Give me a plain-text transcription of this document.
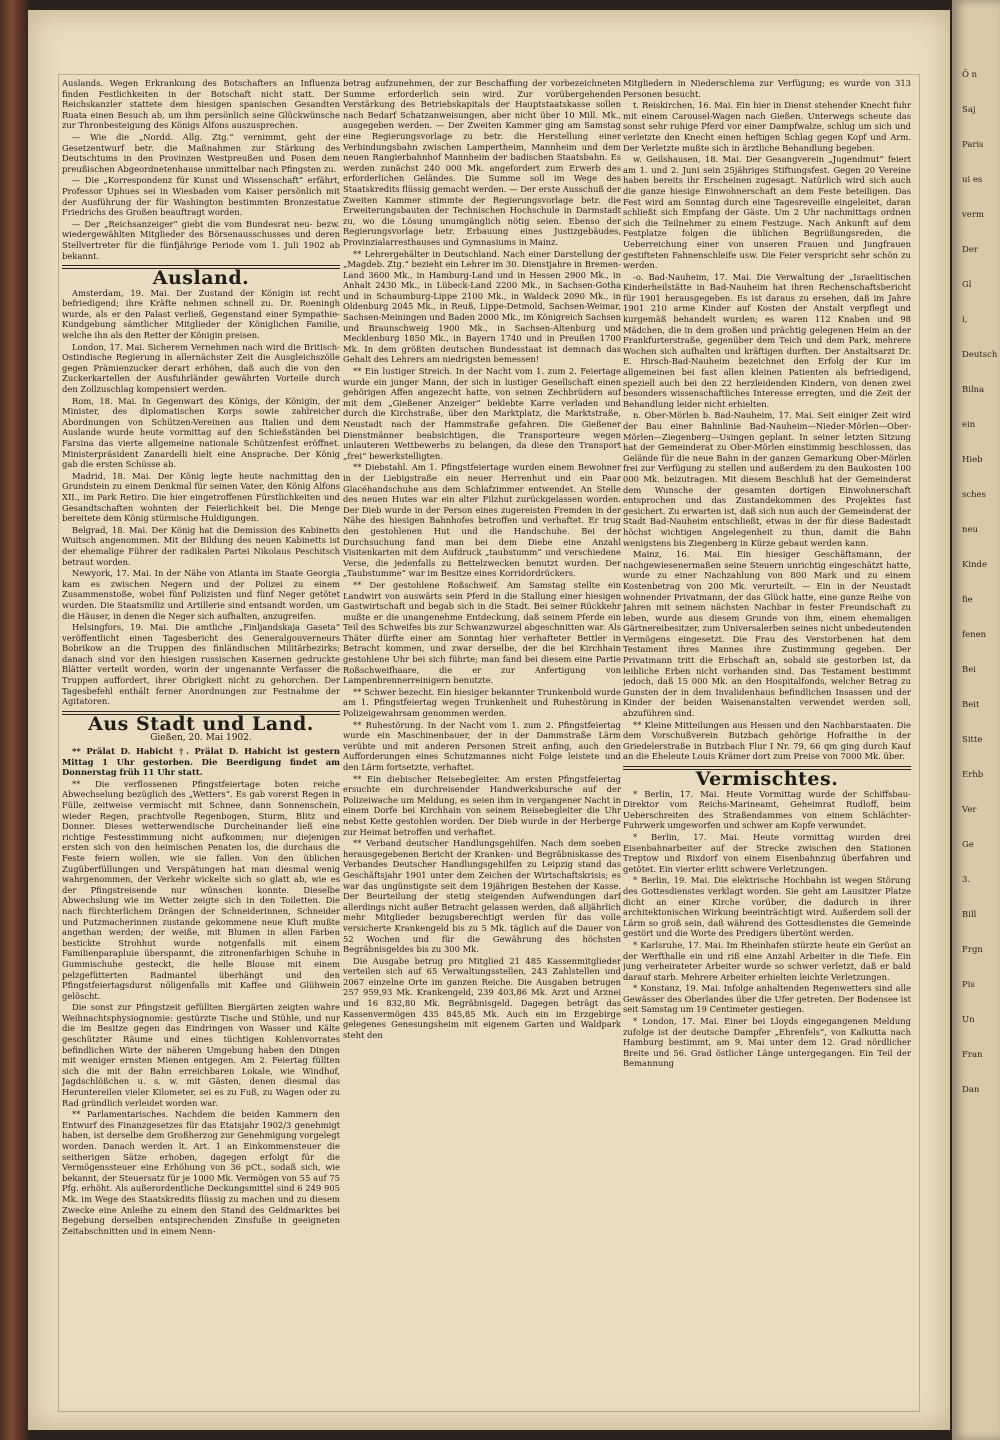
Auslands. Wegen Erkrankung des Botschafters an Influenza finden Festlichkeiten in der Botschaft nicht statt. Der Reichskanzler stattete dem hiesigen spanischen Gesandten Ruata einen Besuch ab, um ihm persönlich seine Glückwünsche zur Thronbesteigung des Königs Alfons auszusprechen.

— Wie die „Nordd. Allg. Ztg.“ vernimmt, geht der Gesetzentwurf betr. die Maßnahmen zur Stärkung des Deutschtums in den Provinzen Westpreußen und Posen dem preußischen Abgeordnetenhause unmittelbar nach Pfingsten zu.

— Die „Korrespondenz für Kunst und Wissenschaft“ erfährt, Professor Uphues sei in Wiesbaden vom Kaiser persönlich mit der Ausführung der für Washington bestimmten Bronzestatue Friedrichs des Großen beauftragt worden.

— Der „Reichsanzeiger“ giebt die vom Bundesrat neu- bezw. wiedergewählten Mitglieder des Börsenausschusses und deren Stellvertreter für die fünfjährige Periode vom 1. Juli 1902 ab bekannt.

Ausland.

Amsterdam, 19. Mai. Der Zustand der Königin ist recht befriedigend; ihre Kräfte nehmen schnell zu. Dr. Roeningh wurde, als er den Palast verließ, Gegenstand einer Sympathie-Kundgebung sämtlicher Mitglieder der Königlichen Familie, welche ihn als den Retter der Königin preisen.

London, 17. Mai. Sicherem Vernehmen nach wird die Britisch-Ostindische Regierung in allernächster Zeit die Ausgleichszölle gegen Prämienzucker derart erhöhen, daß auch die von den Zuckerkartellen der Ausfuhrländer gewährten Vorteile durch den Zollzuschlag kompensiert werden.

Rom, 18. Mai. In Gegenwart des Königs, der Königin, der Minister, des diplomatischen Korps sowie zahlreicher Abordnungen von Schützen-Vereinen aus Italien und dem Auslande wurde heute vormittag auf den Schießständen bei Farsina das vierte allgemeine nationale Schützenfest eröffnet. Ministerpräsident Zanardelli hielt eine Ansprache. Der König gab die ersten Schüsse ab.

Madrid, 18. Mai. Der König legte heute nachmittag den Grundstein zu einem Denkmal für seinen Vater, den König Alfons XII., im Park Retiro. Die hier eingetroffenen Fürstlichkeiten und Gesandtschaften wohnten der Feierlichkeit bei. Die Menge bereitete dem König stürmische Huldigungen.

Belgrad, 18. Mai. Der König hat die Demission des Kabinetts Wuitsch angenommen. Mit der Bildung des neuen Kabinetts ist der ehemalige Führer der radikalen Partei Nikolaus Peschitsch betraut worden.

Newyork, 17. Mai. In der Nähe von Atlanta im Staate Georgia kam es zwischen Negern und der Polizei zu einem Zusammenstoße, wobei fünf Polizisten und fünf Neger getötet wurden. Die Staatsmiliz und Artillerie sind entsandt worden, um die Häuser, in denen die Neger sich aufhalten, anzugreifen.

Helsingfors, 19. Mai. Die amtliche „Finljandskaja Gaseta“ veröffentlicht einen Tagesbericht des Generalgouverneurs Bobrikow an die Truppen des finländischen Militärbezirks; danach sind vor den hiesigen russischen Kasernen gedruckte Blätter verteilt worden, worin der ungenannte Verfasser die Truppen auffordert, ihrer Obrigkeit nicht zu gehorchen. Der Tagesbefehl enthält ferner Anordnungen zur Festnahme der Agitatoren.

Aus Stadt und Land.
Gießen, 20. Mai 1902.

** Prälat D. Habicht †. Prälat D. Habicht ist gestern Mittag 1 Uhr gestorben. Die Beerdigung findet am Donnerstag früh 11 Uhr statt.

** Die verflossenen Pfingstfeiertage boten reiche Abwechselung bezüglich des „Wetters“. Es gab vorerst Regen in Fülle, zeitweise vermischt mit Schnee, dann Sonnenschein, wieder Regen, prachtvolle Regenbogen, Sturm, Blitz und Donner. Dieses wetterwendische Durcheinander ließ eine richtige Festesstimmung nicht aufkommen; nur diejenigen ersten sich von den heimischen Penaten los, die durchaus die Feste feiern wollen, wie sie fallen. Von den üblichen Zugüberfüllungen und Verspätungen hat man diesmal wenig wahrgenommen, der Verkehr wickelte sich so glatt ab, wie es der Pfingstreisende nur wünschen konnte. Dieselbe Abwechslung wie im Wetter zeigte sich in den Toiletten. Die nach fürchterlichem Drängen der Schneiderinnen, Schneider und Putzmacherinnen zustande gekommene neue Kluft mußte angethan werden; der weiße, mit Blumen in allen Farben bestickte Strohhut wurde notgenfalls mit einem Familienparapluie überspannt, die zitronenfarbigen Schuhe in Gummischuhe gesteckt, die helle Blouse mit einem pelzgefütterten Radmantel überhängt und den Pfingstfeiertagsdurst nöligenfalls mit Kaffee und Glühwein gelöscht.

Die sonst zur Pfingstzeit gefüllten Biergärten zeigten wahre Weihnachtsphysiognomie: gestürzte Tische und Stühle, und nur die im Besitze gegen das Eindringen von Wasser und Kälte geschützter Räume und eines tüchtigen Kohlenvorrates befindlichen Wirte der näheren Umgebung haben den Dingen mit weniger ernsten Mienen entgegen. Am 2. Feiertag füllten sich die mit der Bahn erreichbaren Lokale, wie Windhof, Jagdschlößchen u. s. w. mit Gästen, denen diesmal das Heruntereilen vieler Kilometer, sei es zu Fuß, zu Wagen oder zu Rad gründlich verleidet worden war.

** Parlamentarisches. Nachdem die beiden Kammern den Entwurf des Finanzgesetzes für das Etatsjahr 1902/3 genehmigt haben, ist derselbe dem Großherzog zur Genehmigung vorgelegt worden. Danach werden lt. Art. 1 an Einkommensteuer die seitherigen Sätze erhoben, dagegen erfolgt für die Vermögenssteuer eine Erhöhung von 36 pCt., sodaß sich, wie bekannt, der Steuersatz für je 1000 Mk. Vermögen von 55 auf 75 Pfg. erhöht. Als außerordentliche Deckungsmittel sind 6 249 905 Mk. im Wege des Staatskredits flüssig zu machen und zu diesem Zwecke eine Anleihe zu einem den Stand des Geldmarktes bei Begebung derselben entsprechenden Zinsfuße in geeigneten Zeitabschnitten und in einem Nenn-

betrag aufzunehmen, der zur Beschaffung der vorbezeichneten Summe erforderlich sein wird. Zur vorübergehenden Verstärkung des Betriebskapitals der Hauptstaatskasse sollen nach Bedarf Schatzanweisungen, aber nicht über 10 Mill. Mk., ausgegeben werden. — Der Zweiten Kammer ging am Samstag eine Regierungsvorlage zu betr. die Herstellung einer Verbindungsbahn zwischen Lampertheim, Mannheim und dem neuen Rangierbahnhof Mannheim der badischen Staatsbahn. Es werden zunächst 240 000 Mk. angefordert zum Erwerb des erforderlichen Geländes. Die Summe soll im Wege des Staatskredits flüssig gemacht werden. — Der erste Ausschuß der Zweiten Kammer stimmte der Regierungsvorlage betr. die Erweiterungsbauten der Technischen Hochschule in Darmstadt zu, wo die Lösung unumgänglich nötig seien. Ebenso der Regierungsvorlage betr. Erbauung eines Justizgebäudes, Provinzialarresthauses und Gymnasiums in Mainz.

** Lehrergehälter in Deutschland. Nach einer Darstellung der „Magdeb. Ztg.“ bezieht ein Lehrer im 30. Dienstjahre in Bremen-Land 3600 Mk., in Hamburg-Land und in Hessen 2900 Mk., in Anhalt 2430 Mk., in Lübeck-Land 2200 Mk., in Sachsen-Gotha und in Schaumburg-Lippe 2100 Mk., in Waldeck 2090 Mk., in Oldenburg 2045 Mk., in Reuß, Lippe-Detmold, Sachsen-Weimar, Sachsen-Meiningen und Baden 2000 Mk., im Königreich Sachsen und Braunschweig 1900 Mk., in Sachsen-Altenburg und Mecklenburg 1850 Mk., in Bayern 1740 und in Preußen 1700 Mk. In dem größten deutschen Bundesstaat ist demnach das Gehalt des Lehrers am niedrigsten bemessen!

** Ein lustiger Streich. In der Nacht vom 1. zum 2. Feiertage wurde ein junger Mann, der sich in lustiger Gesellschaft einen gehörigen Affen angezecht hatte, von seinen Zechbrüdern auf mit dem „Gießener Anzeiger“ beklebte Karre verladen und durch die Kirchstraße, über den Marktplatz, die Marktstraße, Neustadt nach der Hammstraße gefahren. Die Gießener Dienstmänner beabsichtigen, die Transporteure wegen unlauteren Wettbewerbs zu belangen, da diese den Transport „frei“ bewerkstelligten.

** Diebstahl. Am 1. Pfingstfeiertage wurden einem Bewohner in der Liebigstraße ein neuer Herrenhut und ein Paar Glacéhandschuhe aus dem Schlafzimmer entwendet. An Stelle des neuen Hutes war ein alter Filzhut zurückgelassen worden. Der Dieb wurde in der Person eines zugereisten Fremden in der Nähe des hiesigen Bahnhofes betroffen und verhaftet. Er trug den gestohlenen Hut und die Handschuhe. Bei der Durchsuchung fand man bei dem Diebe eine Anzahl Visitenkarten mit dem Aufdruck „taubstumm“ und verschiedene Verse, die jedenfalls zu Bettelzwecken benutzt wurden. Der „Taubstumme“ war im Besitze eines Korridordrückers.

** Der gestohlene Roßschweif. Am Samstag stellte ein Landwirt von auswärts sein Pferd in die Stallung einer hiesigen Gastwirtschaft und begab sich in die Stadt. Bei seiner Rückkehr mußte er die unangenehme Entdeckung, daß seinem Pferde ein Teil des Schweifes bis zur Schwanzwurzel abgeschnitten war. Als Thäter dürfte einer am Sonntag hier verhafteter Bettler in Betracht kommen, und zwar derselbe, der die bei Kirchhain gestohlene Uhr bei sich führte; man fand bei diesem eine Partie Roßschweifhaare, die er zur Anfertigung von Lampenbrennerreinigern benutzte.

** Schwer bezecht. Ein hiesiger bekannter Trunkenbold wurde am 1. Pfingstfeiertag wegen Trunkenheit und Ruhestörung in Polizeigewahrsam genommen werden.

** Ruhestörung. In der Nacht vom 1. zum 2. Pfingstfeiertag wurde ein Maschinenbauer, der in der Dammstraße Lärm verübte und mit anderen Personen Streit anfing, auch den Aufforderungen eines Schutzmannes nicht Folge leistete und den Lärm fortsetzte, verhaftet.

** Ein diebischer Reisebegleiter. Am ersten Pfingstfeiertag ersuchte ein durchreisender Handwerksbursche auf der Polizeiwache um Meldung, es seien ihm in vergangener Nacht in einem Dorfe bei Kirchhain von seinem Reisebegleiter die Uhr nebst Kette gestohlen worden. Der Dieb wurde in der Herberge zur Heimat betroffen und verhaftet.

** Verband deutscher Handlungsgehilfen. Nach dem soeben herausgegebenen Bericht der Kranken- und Begräbniskasse des Verbandes Deutscher Handlungsgehilfen zu Leipzig stand das Geschäftsjahr 1901 unter dem Zeichen der Wirtschaftskrisis; es war das ungünstigste seit dem 19jährigen Bestehen der Kasse. Der Beurteilung der stetig steigenden Aufwendungen darf allerdings nicht außer Betracht gelassen werden, daß alljährlich mehr Mitglieder bezugsberechtigt werden für das volle versicherte Krankengeld bis zu 5 Mk. täglich auf die Dauer von 52 Wochen und für die Gewährung des höchsten Begräbnisgeldes bis zu 300 Mk.

Die Ausgabe betrug pro Mitglied 21 485 Kassenmitglieder verteilen sich auf 65 Verwaltungsstellen, 243 Zahlstellen und 2067 einzelne Orte im ganzen Reiche. Die Ausgaben betrugen 257 959,93 Mk. Krankengeld, 239 403,86 Mk. Arzt und Arznei und 16 832,80 Mk. Begräbnisgeld. Dagegen beträgt das Kassenvermögen 435 845,85 Mk. Auch ein im Erzgebirge gelegenes Genesungsheim mit eigenem Garten und Waldpark steht den

Mitgliedern in Niederschlema zur Verfügung; es wurde von 313 Personen besucht.

t. Reiskirchen, 16. Mai. Ein hier in Dienst stehender Knecht fuhr mit einem Carousel-Wagen nach Gießen. Unterwegs scheute das sonst sehr ruhige Pferd vor einer Dampfwalze, schlug um sich und verletzte den Knecht einen heftigen Schlag gegen Kopf und Arm. Der Verletzte mußte sich in ärztliche Behandlung begeben.

w. Geilshausen, 18. Mai. Der Gesangverein „Jugendmut“ feiert am 1. und 2. Juni sein 25jähriges Stiftungsfest. Gegen 20 Vereine haben bereits ihr Erscheinen zugesagt. Natürlich wird sich auch die ganze hiesige Einwohnerschaft an dem Feste beteiligen. Das Fest wird am Sonntag durch eine Tagesreveille eingeleitet, daran schließt sich Empfang der Gäste. Um 2 Uhr nachmittags ordnen sich die Teilnehmer zu einem Festzuge. Nach Ankunft auf dem Festplatze folgen die üblichen Begrüßungsreden, die Ueberreichung einer von unseren Frauen und Jungfrauen gestifteten Fahnenschleife usw. Die Feier verspricht sehr schön zu werden.

-o. Bad-Nauheim, 17. Mai. Die Verwaltung der „Israelitischen Kinderheilstätte in Bad-Nauheim hat ihren Rechenschaftsbericht für 1901 herausgegeben. Es ist daraus zu ersehen, daß im Jahre 1901 210 arme Kinder auf Kosten der Anstalt verpflegt und kurgemäß behandelt wurden; es waren 112 Knaben und 98 Mädchen, die in dem großen und prächtig gelegenen Heim an der Frankfurterstraße, gegenüber dem Teich und dem Park, mehrere Wochen sich aufhalten und kräftigen durften. Der Anstaltsarzt Dr. E. Hirsch-Bad-Nauheim bezeichnet den Erfolg der Kur im allgemeinen bei fast allen kleinen Patienten als befriedigend, speziell auch bei den 22 herzleidenden Kindern, von denen zwei besonders wissenschaftliches Interesse erregten, und die Zeit der Behandlung leider nicht erhielten.

n. Ober-Mörlen b. Bad-Nauheim, 17. Mai. Seit einiger Zeit wird der Bau einer Bahnlinie Bad-Nauheim—Nieder-Mörlen—Ober-Mörlen—Ziegenberg—Usingen geplant. In seiner letzten Sitzung hat der Gemeinderat zu Ober-Mörlen einstimmig beschlossen, das Gelände für die neue Bahn in der ganzen Gemarkung Ober-Mörlen frei zur Verfügung zu stellen und außerdem zu den Baukosten 100 000 Mk. beizutragen. Mit diesem Beschluß hat der Gemeinderat dem Wunsche der gesamten dortigen Einwohnerschaft entsprochen und das Zustandekommen des Projektes fast gesichert. Zu erwarten ist, daß sich nun auch der Gemeinderat der Stadt Bad-Nauheim entschließt, etwas in der für diese Badestadt höchst wichtigen Angelegenheit zu thun, damit die Bahn wenigstens bis Ziegenberg in Kürze gebaut werden kann.

Mainz, 16. Mai. Ein hiesiger Geschäftsmann, der nachgewiesenermaßen seine Steuern unrichtig eingeschätzt hatte, wurde zu einer Nachzahlung von 800 Mark und zu einem Kostenbetrag von 200 Mk. verurteilt. — Ein in der Neustadt wohnender Privatmann, der das Glück hatte, eine ganze Reihe von Jahren mit seinem nächsten Nachbar in fester Freundschaft zu leben, wurde aus diesem Grunde von ihm, einem ehemaligen Gärtnereibesitzer, zum Universalerben seines nicht unbedeutenden Vermögens eingesetzt. Die Frau des Verstorbenen hat dem Testament ihres Mannes ihre Zustimmung gegeben. Der Privatmann tritt die Erbschaft an, sobald sie gestorben ist, da leibliche Erben nicht vorhanden sind. Das Testament bestimmt jedoch, daß 15 000 Mk. an den Hospitalfonds, welcher Betrag zu Gunsten der in dem Invalidenhaus befindlichen Insassen und der Kinder der beiden Waisenanstalten verwendet werden soll, abzuführen sind.

** Kleine Mitteilungen aus Hessen und den Nachbarstaaten. Die dem Vorschußverein Butzbach gehörige Hofraithe in der Griedelerstraße in Butzbach Flur I Nr. 79, 66 qm ging durch Kauf an die Eheleute Louis Krämer dort zum Preise von 7000 Mk. über.

Vermischtes.

* Berlin, 17. Mai. Heute Vormittag wurde der Schiffsbau-Direktor vom Reichs-Marineamt, Geheimrat Rudloff, beim Ueberschreiten des Straßendammes von einem Schlächter-Fuhrwerk umgeworfen und schwer am Kopfe verwundet.

* Berlin, 17. Mai. Heute vormittag wurden drei Eisenbahnarbeiter auf der Strecke zwischen den Stationen Treptow und Rixdorf von einem Eisenbahnzug überfahren und getötet. Ein vierter erlitt schwere Verletzungen.

* Berlin, 19. Mai. Die elektrische Hochbahn ist wegen Störung des Gottesdienstes verklagt worden. Sie geht am Lausitzer Platze dicht an einer Kirche vorüber, die dadurch in ihrer architektonischen Wirkung beeinträchtigt wird. Außerdem soll der Lärm so groß sein, daß während des Gottesdienstes die Gemeinde gestört und die Worte des Predigers übertönt werden.

* Karlsruhe, 17. Mai. Im Rheinhafen stürzte heute ein Gerüst an der Werfthalle ein und riß eine Anzahl Arbeiter in die Tiefe. Ein jung verheirateter Arbeiter wurde so schwer verletzt, daß er bald darauf starb. Mehrere Arbeiter erhielten leichte Verletzungen.

* Konstanz, 19. Mai. Infolge anhaltenden Regenwetters sind alle Gewässer des Oberlandes über die Ufer getreten. Der Bodensee ist seit Samstag um 19 Centimeter gestiegen.

* London, 17. Mai. Einer bei Lloyds eingegangenen Meldung zufolge ist der deutsche Dampfer „Ehrenfels“, von Kalkutta nach Hamburg bestimmt, am 9. Mai unter dem 12. Grad nördlicher Breite und 56. Grad östlicher Länge untergegangen. Ein Teil der Bemannung

Ö n
Saj
Paris
ui es
verm
Der
Gl
i,
Deutsch
Bilna
ein
Hieb
sches
neu
Kinde
fie
fenen
Bei
Beit
Sitte
Erhb
Ver
Ge
3.
Bill
Frgn
Pis
Un
Fran
Dan
